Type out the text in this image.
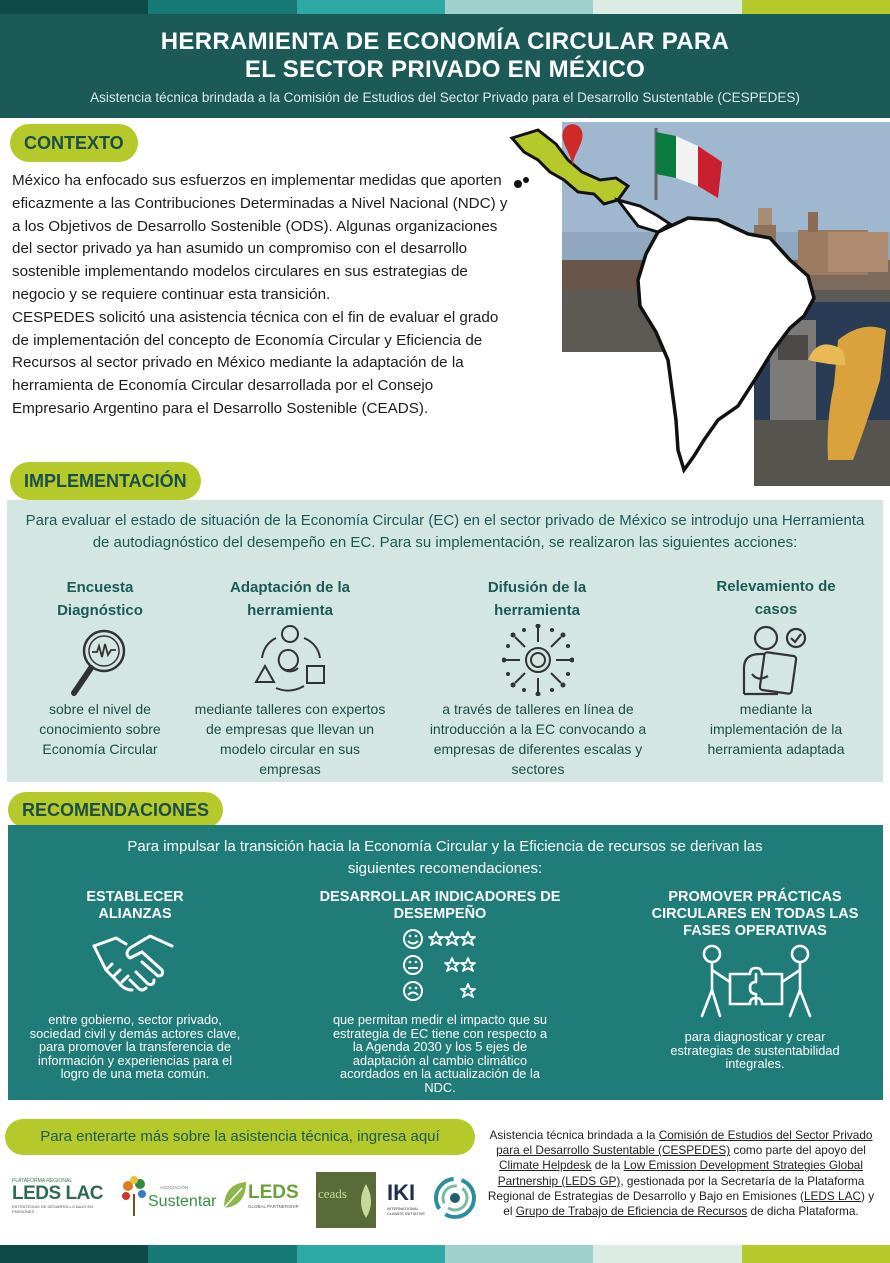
HERRAMIENTA DE ECONOMÍA CIRCULAR PARA
EL SECTOR PRIVADO EN MÉXICO
Asistencia técnica brindada a la Comisión de Estudios del Sector Privado para el Desarrollo Sustentable (CESPEDES)
CONTEXTO

México ha enfocado sus esfuerzos en implementar medidas que aporten eficazmente a las Contribuciones Determinadas a Nivel Nacional (NDC) y a los Objetivos de Desarrollo Sostenible (ODS). Algunas organizaciones del sector privado ya han asumido un compromiso con el desarrollo sostenible implementando modelos circulares en sus estrategias de negocio y se requiere continuar esta transición.

CESPEDES solicitó una asistencia técnica con el fin de evaluar el grado de implementación del concepto de Economía Circular y Eficiencia de Recursos al sector privado en México mediante la adaptación de la herramienta de Economía Circular desarrollada por el Consejo Empresario Argentino para el Desarrollo Sostenible (CEADS).

IMPLEMENTACIÓN
Para evaluar el estado de situación de la Economía Circular (EC) en el sector privado de México se introdujo una Herramienta de autodiagnóstico del desempeño en EC. Para su implementación, se realizaron las siguientes acciones:
Encuesta Diagnóstico
sobre el nivel de conocimiento sobre Economía Circular
Adaptación de la herramienta
mediante talleres con expertos de empresas que llevan un modelo circular en sus empresas
Difusión de la herramienta
a través de talleres en línea de introducción a la EC convocando a empresas de diferentes escalas y sectores
Relevamiento de casos
mediante la implementación de la herramienta adaptada
RECOMENDACIONES
Para impulsar la transición hacia la Economía Circular y la Eficiencia de recursos se derivan las siguientes recomendaciones:
ESTABLECER ALIANZAS
entre gobierno, sector privado, sociedad civil y demás actores clave, para promover la transferencia de información y experiencias para el logro de una meta común.
DESARROLLAR INDICADORES DE DESEMPEÑO
que permitan medir el impacto que su estrategia de EC tiene con respecto a la Agenda 2030 y los 5 ejes de adaptación al cambio climático acordados en la actualización de la NDC.
PROMOVER PRÁCTICAS CIRCULARES EN TODAS LAS FASES OPERATIVAS
para diagnosticar y crear estrategias de sustentabilidad integrales.
Para enterarte más sobre la asistencia técnica, ingresa aquí	Asistencia técnica brindada a la Comisión de Estudios del Sector Privado para el Desarrollo Sustentable (CESPEDES) como parte del apoyo del Climate Helpdesk de la Low Emission Development Strategies Global Partnership (LEDS GP), gestionada por la Secretaría de la Plataforma Regional de Estrategias de Desarrollo y Bajo en Emisiones (LEDS LAC) y el Grupo de Trabajo de Eficiencia de Recursos de dicha Plataforma.
PLATAFORMA REGIONAL
LEDS LAC
ESTRATEGIAS DE DESARROLLO BAJO EN EMISIONES
ASOCIACIÓN
Sustentar LEDS
GLOBAL PARTNERSHIP
ceads	IKI
INTERNATIONAL CLIMATE INITIATIVE
